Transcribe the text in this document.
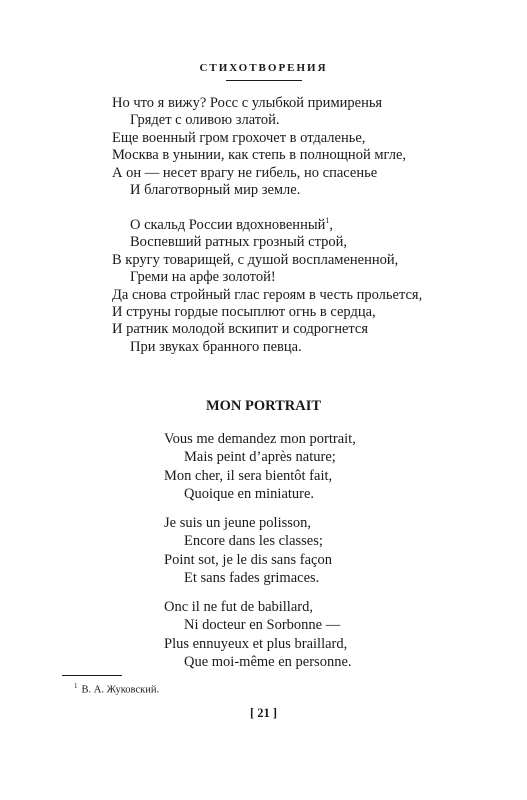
СТИХОТВОРЕНИЯ
Но что я вижу? Росс с улыбкой примиренья
Грядет с оливою златой.
Еще военный гром грохочет в отдаленье,
Москва в унынии, как степь в полнощной мгле,
А он — несет врагу не гибель, но спасенье
И благотворный мир земле.
О скальд России вдохновенный$^1$,
Воспевший ратных грозный строй,
В кругу товарищей, с душой воспламененной,
Греми на арфе золотой!
Да снова стройный глас героям в честь прольется,
И струны гордые посыплют огнь в сердца,
И ратник молодой вскипит и содрогнется
При звуках бранного певца.
MON PORTRAIT
Vous me demandez mon portrait,
Mais peint d’après nature;
Mon cher, il sera bientôt fait,
Quoique en miniature.
Je suis un jeune polisson,
Encore dans les classes;
Point sot, je le dis sans façon
Et sans fades grimaces.
Onc il ne fut de babillard,
Ni docteur en Sorbonne —
Plus ennuyeux et plus braillard,
Que moi-même en personne.
$^1$ В. А. Жуковский.
[ 21 ]
